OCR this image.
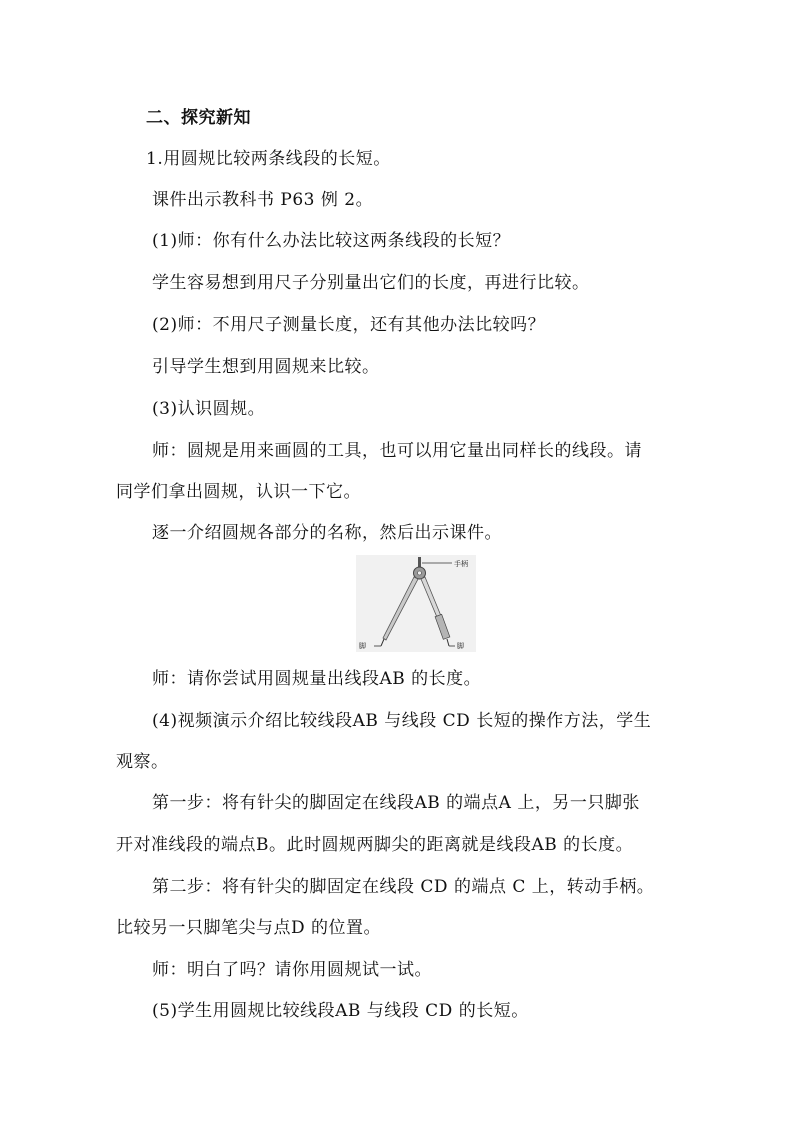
二、探究新知
1.用圆规比较两条线段的长短。
课件出示教科书 P63 例 2。
(1)师：你有什么办法比较这两条线段的长短？
学生容易想到用尺子分别量出它们的长度，再进行比较。
(2)师：不用尺子测量长度，还有其他办法比较吗？
引导学生想到用圆规来比较。
(3)认识圆规。
师：圆规是用来画圆的工具，也可以用它量出同样长的线段。请
同学们拿出圆规，认识一下它。
逐一介绍圆规各部分的名称，然后出示课件。
手柄
脚	脚
师：请你尝试用圆规量出线段AB 的长度。
(4)视频演示介绍比较线段AB 与线段 CD 长短的操作方法，学生
观察。
第一步：将有针尖的脚固定在线段AB 的端点A 上，另一只脚张
开对准线段的端点B。此时圆规两脚尖的距离就是线段AB 的长度。
第二步：将有针尖的脚固定在线段 CD 的端点 C 上，转动手柄。
比较另一只脚笔尖与点D 的位置。
师：明白了吗？请你用圆规试一试。
(5)学生用圆规比较线段AB 与线段 CD 的长短。
